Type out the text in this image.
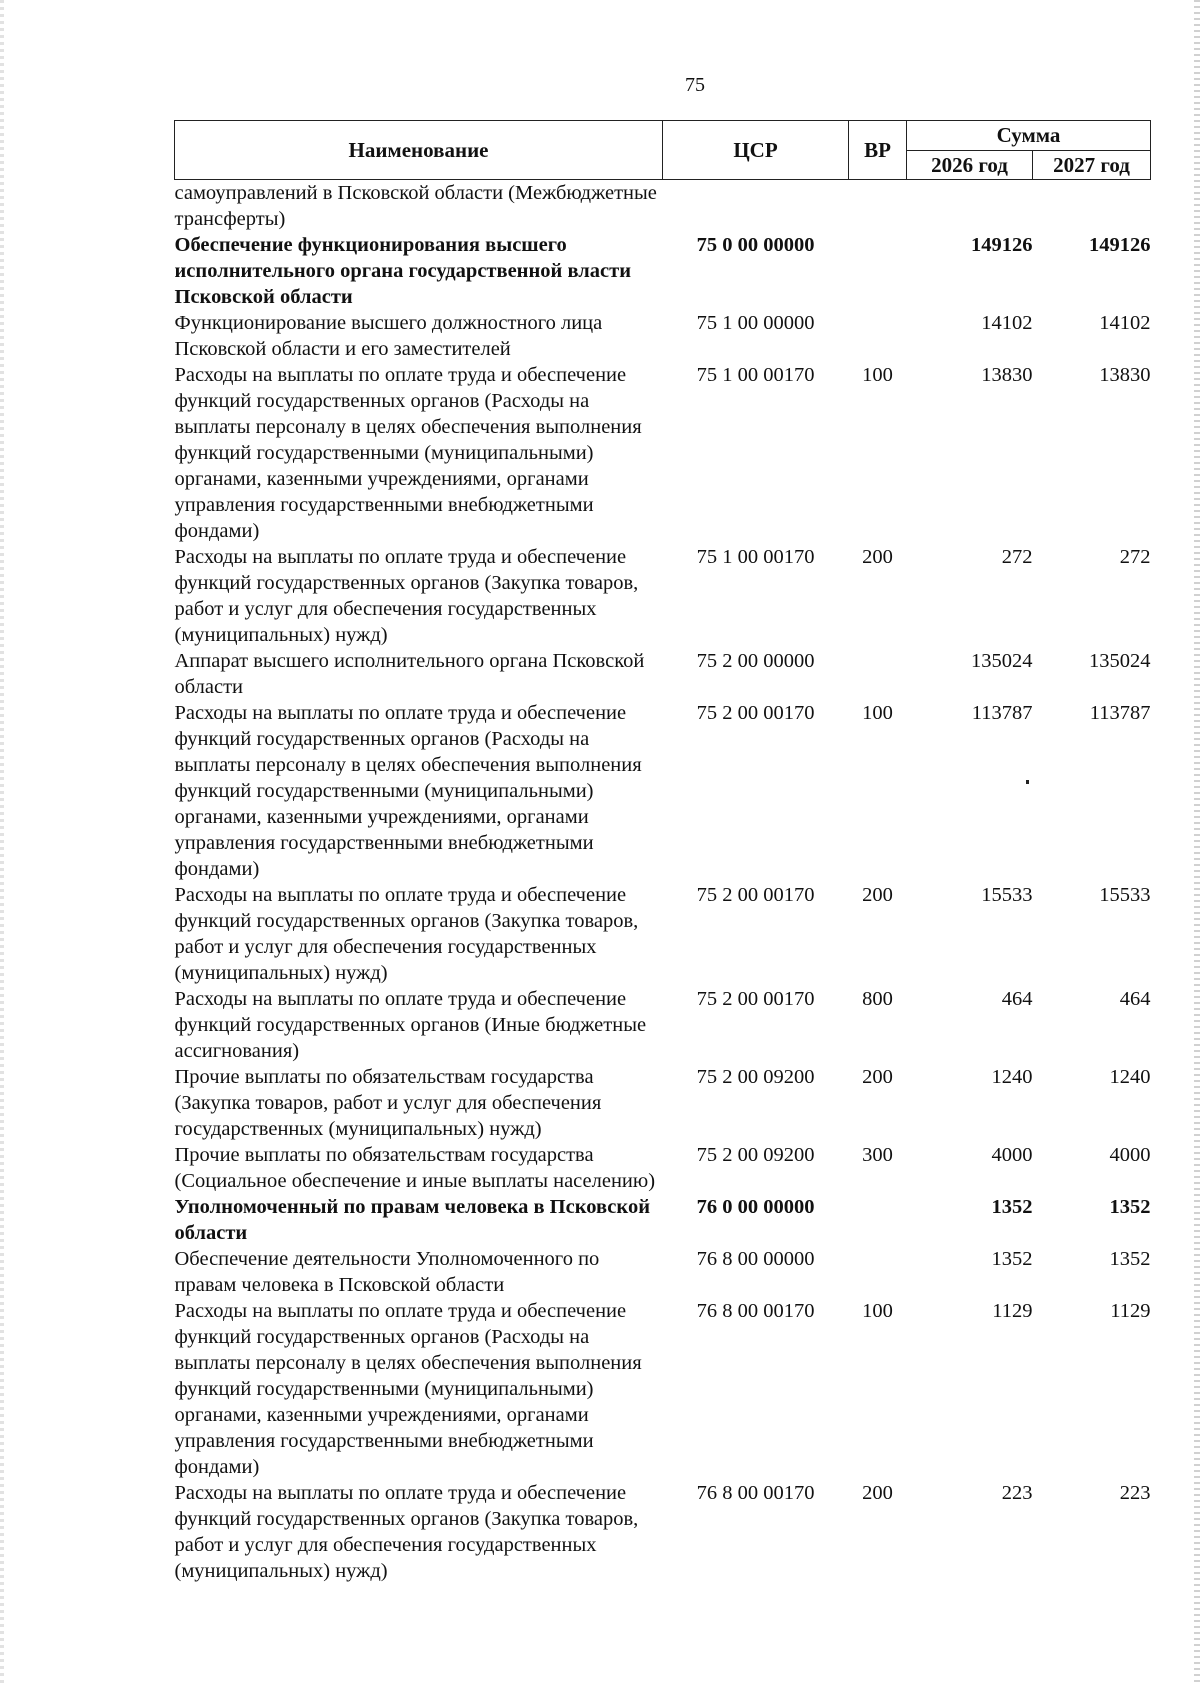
75
Наименование	ЦСР	ВР	Сумма	
			2026 год	2027 год
самоуправлений в Псковской области (Межбюджетные трансферты)				
Обеспечение функционирования высшего исполнительного органа государственной власти Псковской области	75 0 00 00000		149126	149126
Функционирование высшего должностного лица Псковской области и его заместителей	75 1 00 00000		14102	14102
Расходы на выплаты по оплате труда и обеспечение функций государственных органов (Расходы на выплаты персоналу в целях обеспечения выполнения функций государственными (муниципальными) органами, казенными учреждениями, органами управления государственными внебюджетными фондами)	75 1 00 00170	100	13830	13830
Расходы на выплаты по оплате труда и обеспечение функций государственных органов (Закупка товаров, работ и услуг для обеспечения государственных (муниципальных) нужд)	75 1 00 00170	200	272	272
Аппарат высшего исполнительного органа Псковской области	75 2 00 00000		135024	135024
Расходы на выплаты по оплате труда и обеспечение функций государственных органов (Расходы на выплаты персоналу в целях обеспечения выполнения функций государственными (муниципальными) органами, казенными учреждениями, органами управления государственными внебюджетными фондами)	75 2 00 00170	100	113787	113787
Расходы на выплаты по оплате труда и обеспечение функций государственных органов (Закупка товаров, работ и услуг для обеспечения государственных (муниципальных) нужд)	75 2 00 00170	200	15533	15533
Расходы на выплаты по оплате труда и обеспечение функций государственных органов (Иные бюджетные ассигнования)	75 2 00 00170	800	464	464
Прочие выплаты по обязательствам государства (Закупка товаров, работ и услуг для обеспечения государственных (муниципальных) нужд)	75 2 00 09200	200	1240	1240
Прочие выплаты по обязательствам государства (Социальное обеспечение и иные выплаты населению)	75 2 00 09200	300	4000	4000
Уполномоченный по правам человека в Псковской области	76 0 00 00000		1352	1352
Обеспечение деятельности Уполномоченного по правам человека в Псковской области	76 8 00 00000		1352	1352
Расходы на выплаты по оплате труда и обеспечение функций государственных органов (Расходы на выплаты персоналу в целях обеспечения выполнения функций государственными (муниципальными) органами, казенными учреждениями, органами управления государственными внебюджетными фондами)	76 8 00 00170	100	1129	1129
Расходы на выплаты по оплате труда и обеспечение функций государственных органов (Закупка товаров, работ и услуг для обеспечения государственных (муниципальных) нужд)	76 8 00 00170	200	223	223
